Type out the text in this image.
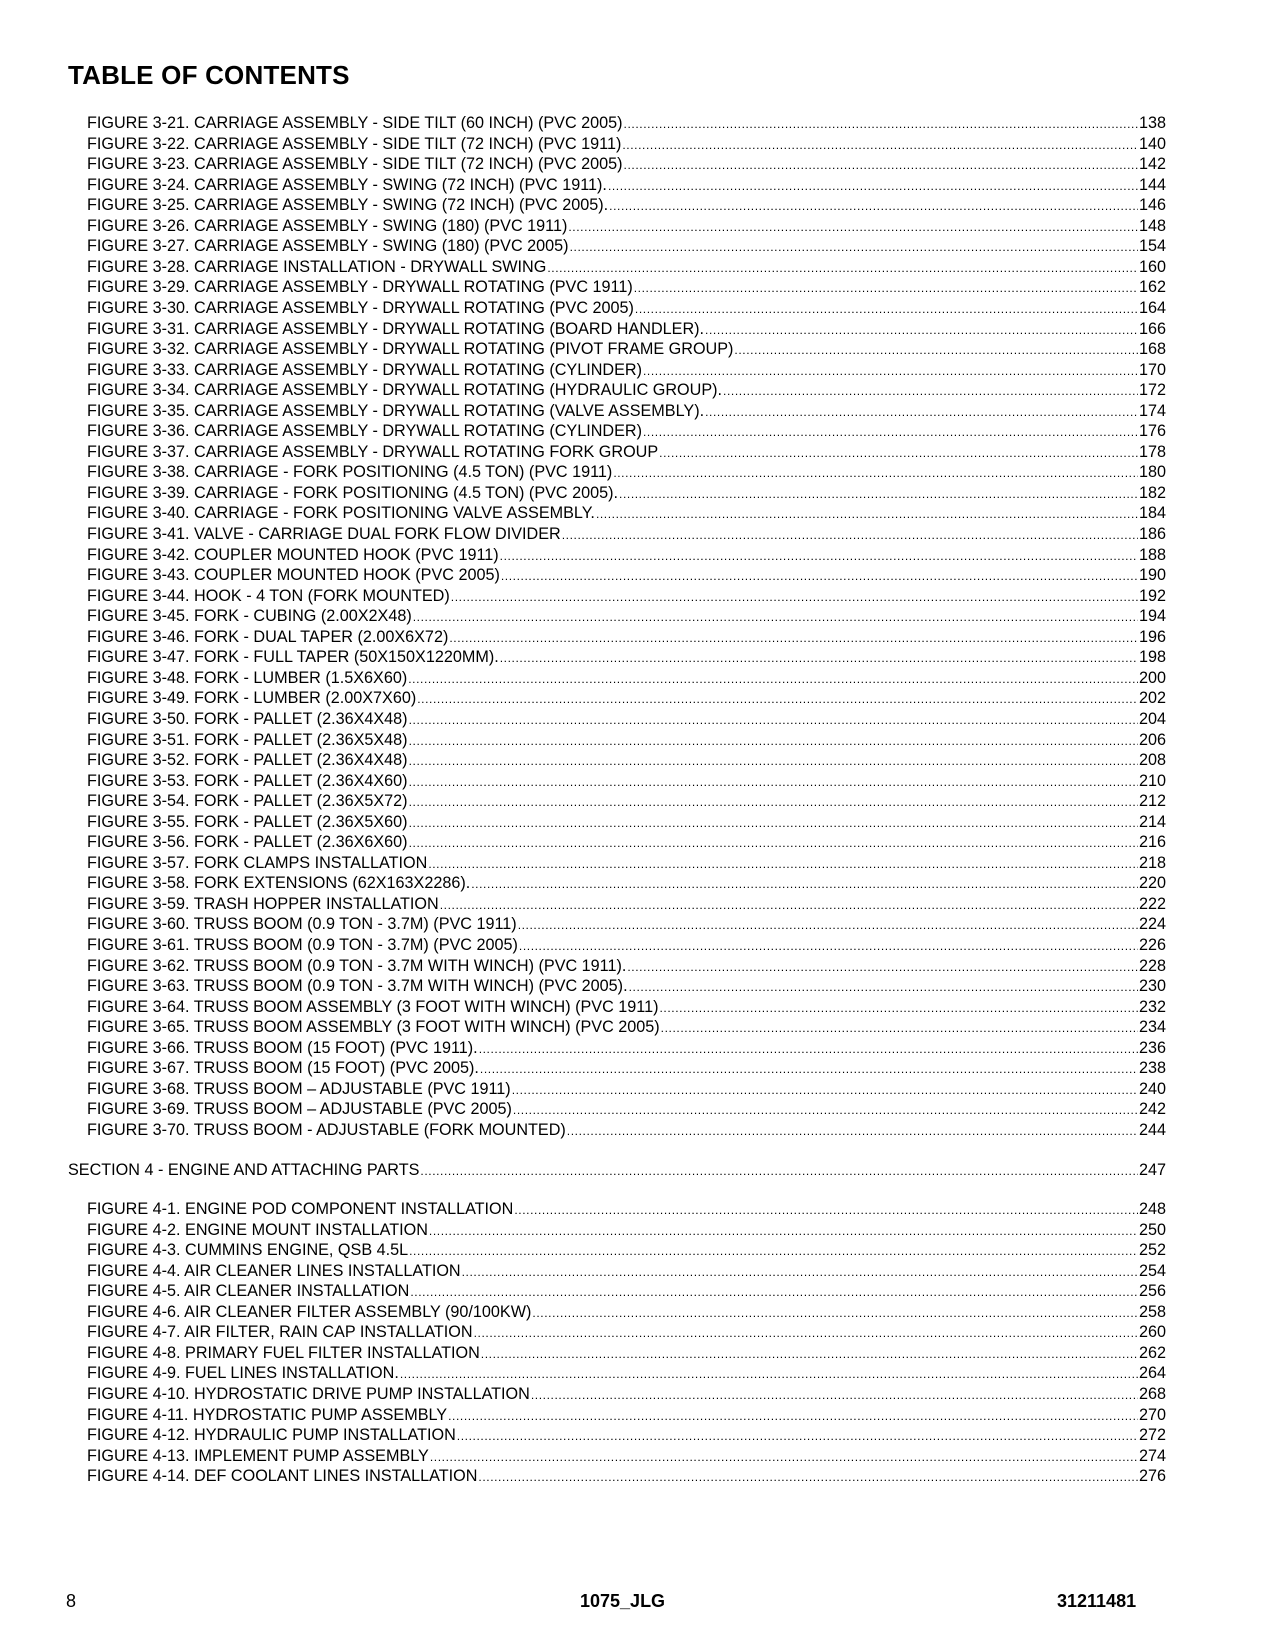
TABLE OF CONTENTS
FIGURE 3-21. CARRIAGE ASSEMBLY - SIDE TILT (60 INCH) (PVC 2005) .....	138
FIGURE 3-22. CARRIAGE ASSEMBLY - SIDE TILT (72 INCH) (PVC 1911) .....	140
FIGURE 3-23. CARRIAGE ASSEMBLY - SIDE TILT (72 INCH) (PVC 2005) .....	142
FIGURE 3-24. CARRIAGE ASSEMBLY - SWING (72 INCH) (PVC 1911). .....	144
FIGURE 3-25. CARRIAGE ASSEMBLY - SWING (72 INCH) (PVC 2005). .....	146
FIGURE 3-26. CARRIAGE ASSEMBLY - SWING (180) (PVC 1911) .....	148
FIGURE 3-27. CARRIAGE ASSEMBLY - SWING (180) (PVC 2005) .....	154
FIGURE 3-28. CARRIAGE INSTALLATION - DRYWALL SWING .....	160
FIGURE 3-29. CARRIAGE ASSEMBLY - DRYWALL ROTATING (PVC 1911) .....	162
FIGURE 3-30. CARRIAGE ASSEMBLY - DRYWALL ROTATING (PVC 2005) .....	164
FIGURE 3-31. CARRIAGE ASSEMBLY - DRYWALL ROTATING (BOARD HANDLER). .....	166
FIGURE 3-32. CARRIAGE ASSEMBLY - DRYWALL ROTATING (PIVOT FRAME GROUP) .....	168
FIGURE 3-33. CARRIAGE ASSEMBLY - DRYWALL ROTATING (CYLINDER) .....	170
FIGURE 3-34. CARRIAGE ASSEMBLY - DRYWALL ROTATING (HYDRAULIC GROUP). .....	172
FIGURE 3-35. CARRIAGE ASSEMBLY - DRYWALL ROTATING (VALVE ASSEMBLY). .....	174
FIGURE 3-36. CARRIAGE ASSEMBLY - DRYWALL ROTATING (CYLINDER) .....	176
FIGURE 3-37. CARRIAGE ASSEMBLY - DRYWALL ROTATING FORK GROUP .....	178
FIGURE 3-38. CARRIAGE - FORK POSITIONING (4.5 TON) (PVC 1911) .....	180
FIGURE 3-39. CARRIAGE - FORK POSITIONING (4.5 TON) (PVC 2005). .....	182
FIGURE 3-40. CARRIAGE - FORK POSITIONING VALVE ASSEMBLY. .....	184
FIGURE 3-41. VALVE - CARRIAGE DUAL FORK FLOW DIVIDER .....	186
FIGURE 3-42. COUPLER MOUNTED HOOK (PVC 1911) .....	188
FIGURE 3-43. COUPLER MOUNTED HOOK (PVC 2005) .....	190
FIGURE 3-44. HOOK - 4 TON (FORK MOUNTED) .....	192
FIGURE 3-45. FORK - CUBING (2.00X2X48) .....	194
FIGURE 3-46. FORK - DUAL TAPER (2.00X6X72) .....	196
FIGURE 3-47. FORK - FULL TAPER (50X150X1220MM). .....	198
FIGURE 3-48. FORK - LUMBER (1.5X6X60) .....	200
FIGURE 3-49. FORK - LUMBER (2.00X7X60) .....	202
FIGURE 3-50. FORK - PALLET (2.36X4X48) .....	204
FIGURE 3-51. FORK - PALLET (2.36X5X48) .....	206
FIGURE 3-52. FORK - PALLET (2.36X4X48) .....	208
FIGURE 3-53. FORK - PALLET (2.36X4X60) .....	210
FIGURE 3-54. FORK - PALLET (2.36X5X72) .....	212
FIGURE 3-55. FORK - PALLET (2.36X5X60) .....	214
FIGURE 3-56. FORK - PALLET (2.36X6X60) .....	216
FIGURE 3-57. FORK CLAMPS INSTALLATION .....	218
FIGURE 3-58. FORK EXTENSIONS (62X163X2286). .....	220
FIGURE 3-59. TRASH HOPPER INSTALLATION .....	222
FIGURE 3-60. TRUSS BOOM (0.9 TON - 3.7M) (PVC 1911) .....	224
FIGURE 3-61. TRUSS BOOM (0.9 TON - 3.7M) (PVC 2005) .....	226
FIGURE 3-62. TRUSS BOOM (0.9 TON - 3.7M WITH WINCH) (PVC 1911). .....	228
FIGURE 3-63. TRUSS BOOM (0.9 TON - 3.7M WITH WINCH) (PVC 2005). .....	230
FIGURE 3-64. TRUSS BOOM ASSEMBLY (3 FOOT WITH WINCH) (PVC 1911) .....	232
FIGURE 3-65. TRUSS BOOM ASSEMBLY (3 FOOT WITH WINCH) (PVC 2005) .....	234
FIGURE 3-66. TRUSS BOOM (15 FOOT) (PVC 1911). .....	236
FIGURE 3-67. TRUSS BOOM (15 FOOT) (PVC 2005). .....	238
FIGURE 3-68. TRUSS BOOM – ADJUSTABLE (PVC 1911) .....	240
FIGURE 3-69. TRUSS BOOM – ADJUSTABLE (PVC 2005) .....	242
FIGURE 3-70. TRUSS BOOM - ADJUSTABLE (FORK MOUNTED) .....	244
SECTION 4 - ENGINE AND ATTACHING PARTS .....	247
FIGURE 4-1. ENGINE POD COMPONENT INSTALLATION .....	248
FIGURE 4-2. ENGINE MOUNT INSTALLATION .....	250
FIGURE 4-3. CUMMINS ENGINE, QSB 4.5L .....	252
FIGURE 4-4. AIR CLEANER LINES INSTALLATION .....	254
FIGURE 4-5. AIR CLEANER INSTALLATION .....	256
FIGURE 4-6. AIR CLEANER FILTER ASSEMBLY (90/100KW) .....	258
FIGURE 4-7. AIR FILTER, RAIN CAP INSTALLATION .....	260
FIGURE 4-8. PRIMARY FUEL FILTER INSTALLATION .....	262
FIGURE 4-9. FUEL LINES INSTALLATION. .....	264
FIGURE 4-10. HYDROSTATIC DRIVE PUMP INSTALLATION .....	268
FIGURE 4-11. HYDROSTATIC PUMP ASSEMBLY .....	270
FIGURE 4-12. HYDRAULIC PUMP INSTALLATION .....	272
FIGURE 4-13. IMPLEMENT PUMP ASSEMBLY .....	274
FIGURE 4-14. DEF COOLANT LINES INSTALLATION .....	276
8	1075_JLG	31211481
